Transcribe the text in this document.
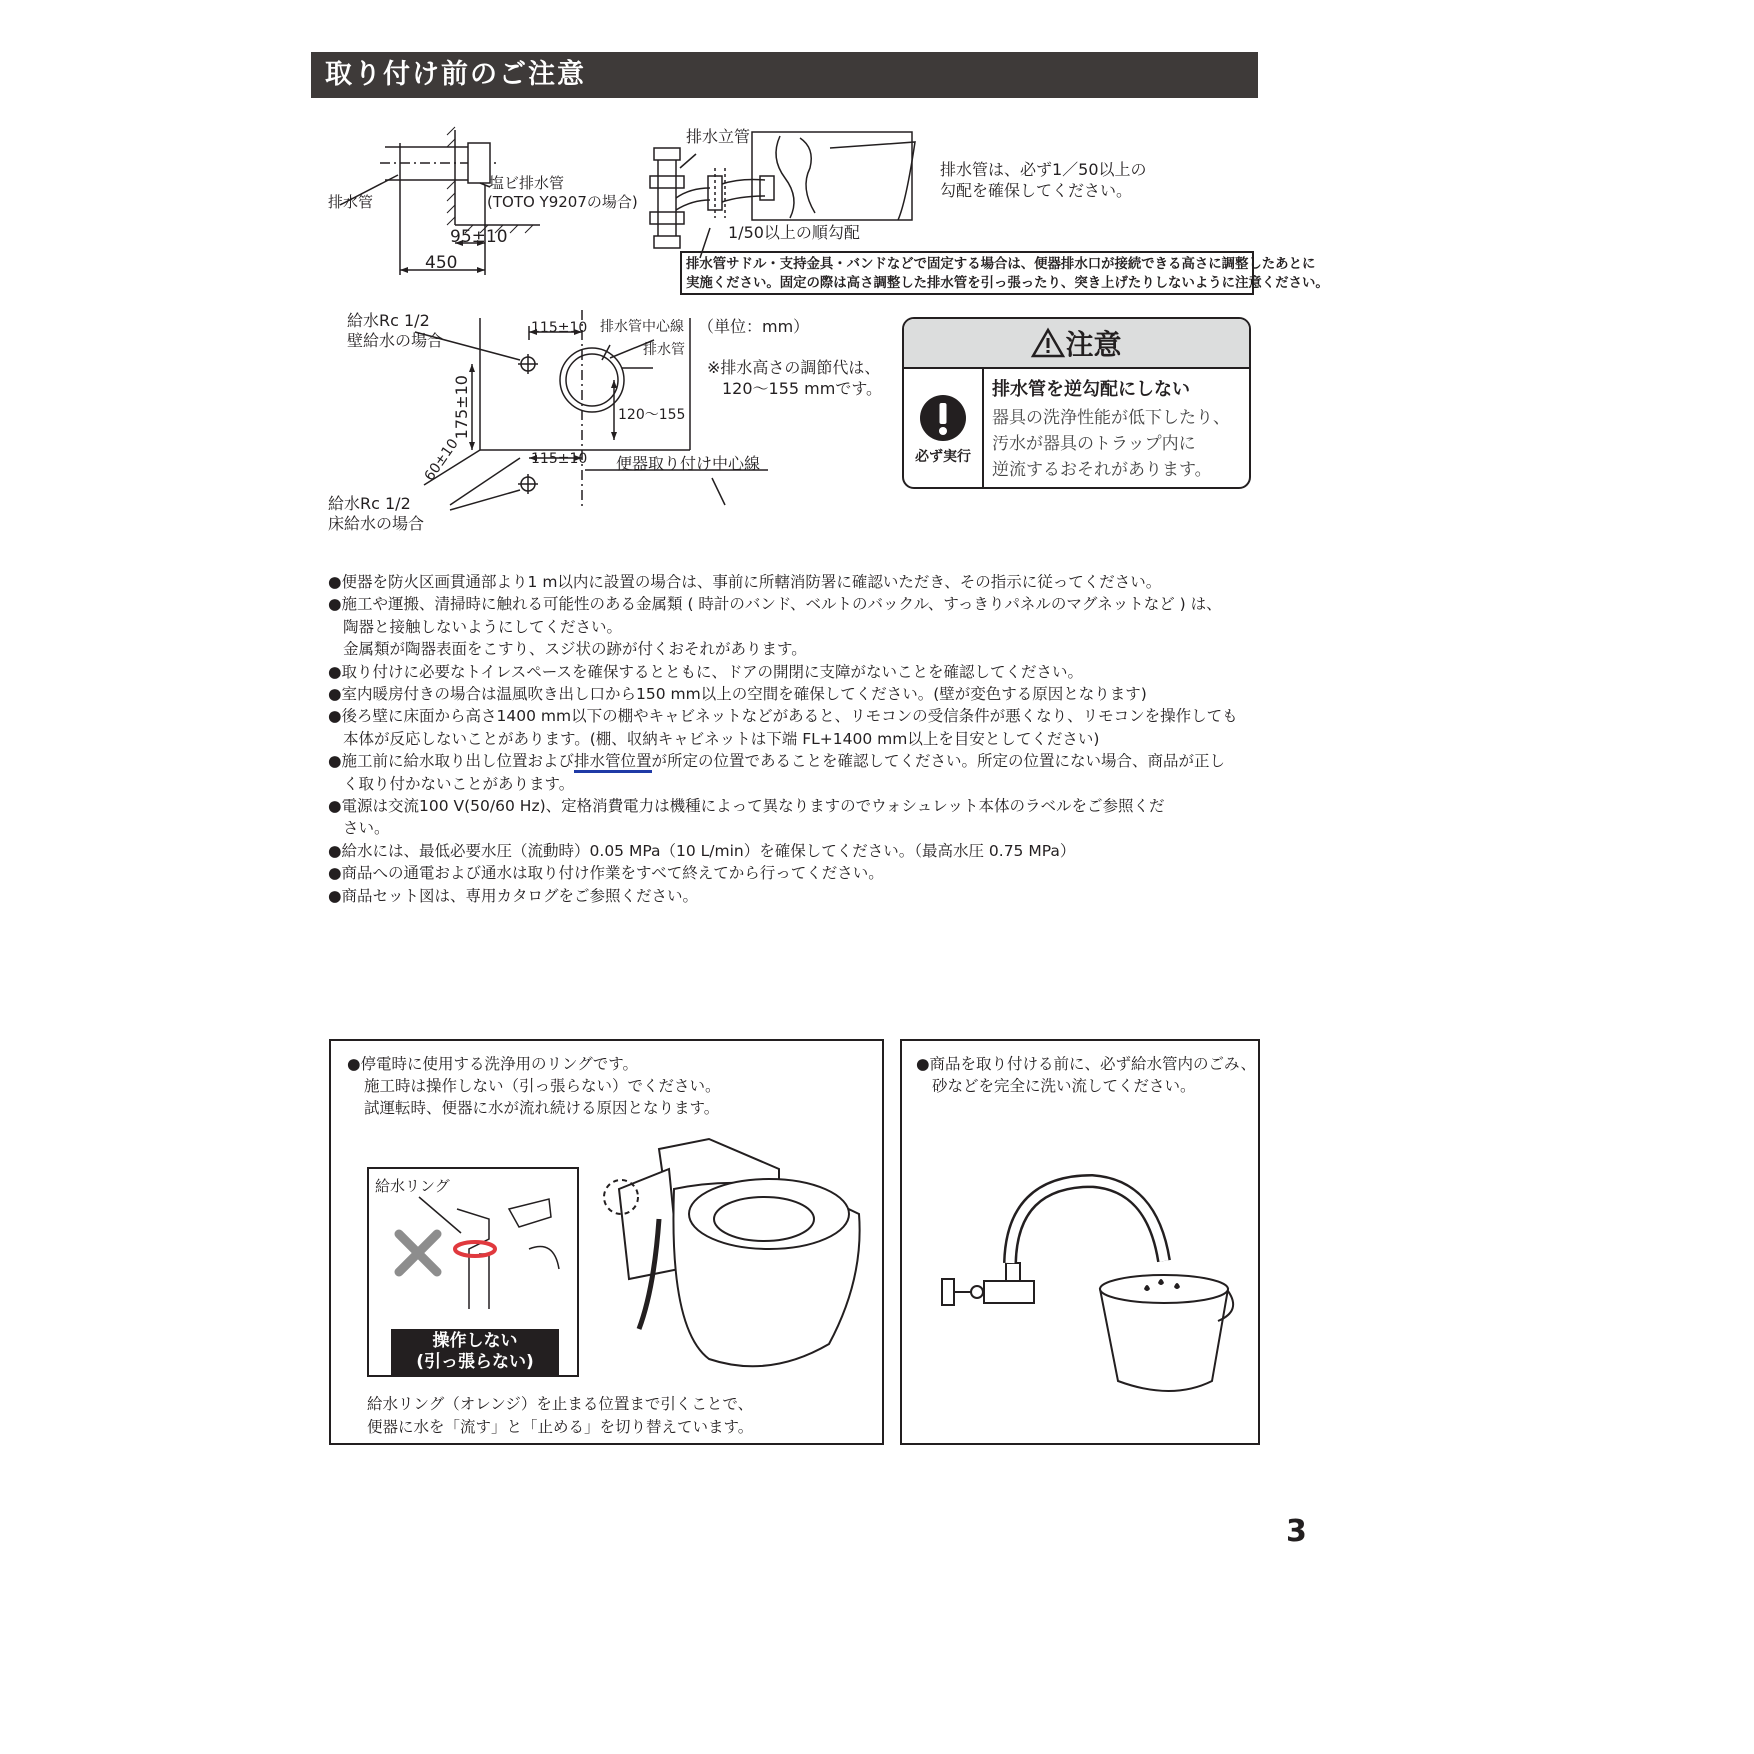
取り付け前のご注意
排水管
塩ビ排水管
(TOTO Y9207の場合)
95±10
450
排水立管
1/50以上の順勾配
排水管は、必ず1／50以上の
勾配を確保してください。
排水管サドル・支持金具・バンドなどで固定する場合は、便器排水口が接続できる高さに調整したあとに
実施ください。固定の際は高さ調整した排水管を引っ張ったり、突き上げたりしないように注意ください。
給水Rc 1/2
壁給水の場合
115±10 排水管中心線
排水管
（単位：mm）
※排水高さの調節代は、
120～155 mmです。
175±10	120～155
60±10	115±10 便器取り付け中心線
給水Rc 1/2
床給水の場合
注意
必ず実行
排水管を逆勾配にしない
器具の洗浄性能が低下したり、
汚水が器具のトラップ内に
逆流するおそれがあります。
●便器を防火区画貫通部より1 m以内に設置の場合は、事前に所轄消防署に確認いただき、その指示に従ってください。
●施工や運搬、清掃時に触れる可能性のある金属類 ( 時計のバンド、ベルトのバックル、すっきりパネルのマグネットなど ) は、
陶器と接触しないようにしてください。
金属類が陶器表面をこすり、スジ状の跡が付くおそれがあります。
●取り付けに必要なトイレスペースを確保するとともに、ドアの開閉に支障がないことを確認してください。
●室内暖房付きの場合は温風吹き出し口から150 mm以上の空間を確保してください。(壁が変色する原因となります)
●後ろ壁に床面から高さ1400 mm以下の棚やキャビネットなどがあると、リモコンの受信条件が悪くなり、リモコンを操作しても
本体が反応しないことがあります。(棚、収納キャビネットは下端 FL+1400 mm以上を目安としてください)
●施工前に給水取り出し位置および排水管位置が所定の位置であることを確認してください。所定の位置にない場合、商品が正し
く取り付かないことがあります。
●電源は交流100 V(50/60 Hz)、定格消費電力は機種によって異なりますのでウォシュレット本体のラベルをご参照くだ
さい。
●給水には、最低必要水圧（流動時）0.05 MPa（10 L/min）を確保してください。（最高水圧 0.75 MPa）
●商品への通電および通水は取り付け作業をすべて終えてから行ってください。
●商品セット図は、専用カタログをご参照ください。
●停電時に使用する洗浄用のリングです。
施工時は操作しない（引っ張らない）でください。
試運転時、便器に水が流れ続ける原因となります。
給水リング
操作しない
(引っ張らない)
給水リング（オレンジ）を止まる位置まで引くことで、
便器に水を「流す」と「止める」を切り替えています。
●商品を取り付ける前に、必ず給水管内のごみ、
砂などを完全に洗い流してください。
3
